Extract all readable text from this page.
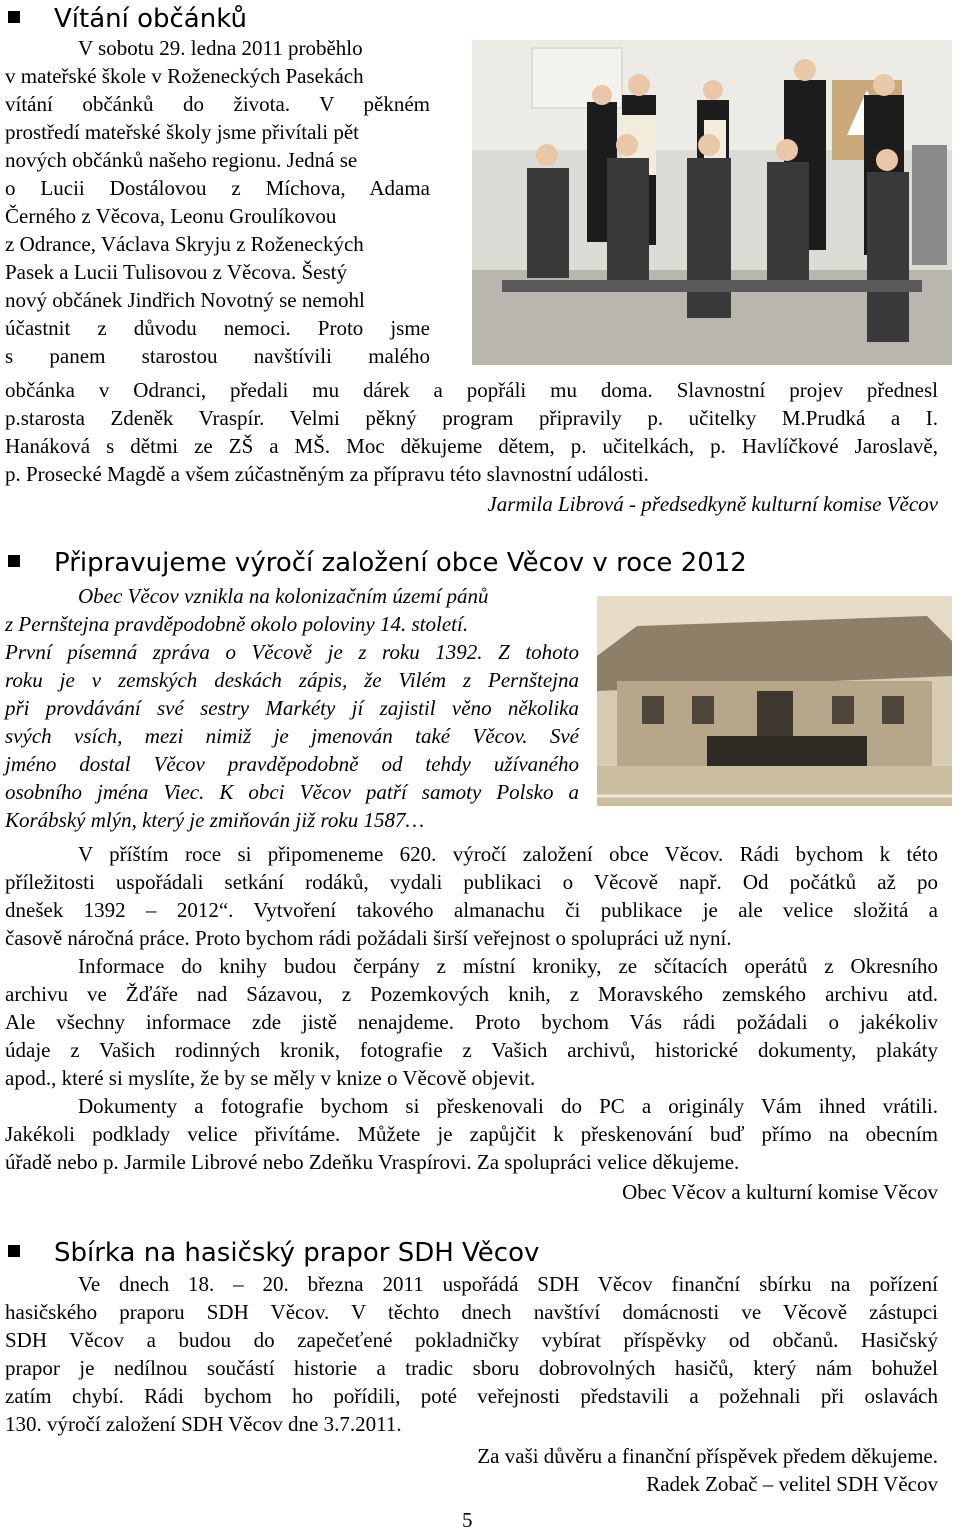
Vítání občánků
V sobotu 29. ledna 2011 proběhlo
v mateřské škole v Roženeckých Pasekách
vítání občánků do života. V pěkném
prostředí mateřské školy jsme přivítali pět
nových občánků našeho regionu. Jedná se
o Lucii Dostálovou z Míchova, Adama
Černého z Věcova, Leonu Groulíkovou
z Odrance, Václava Skryju z Roženeckých
Pasek a Lucii Tulisovou z Věcova. Šestý
nový občánek Jindřich Novotný se nemohl
účastnit z důvodu nemoci. Proto jsme
s panem starostou navštívili malého
občánka v Odranci, předali mu dárek a popřáli mu doma. Slavnostní projev přednesl
p.starosta Zdeněk Vraspír. Velmi pěkný program připravily p. učitelky M.Prudká a I.
Hanáková s dětmi ze ZŠ a MŠ. Moc děkujeme dětem, p. učitelkách, p. Havlíčkové Jaroslavě,
p. Prosecké Magdě a všem zúčastněným za přípravu této slavnostní události.
Jarmila Librová - předsedkyně kulturní komise Věcov
Připravujeme výročí založení obce Věcov v roce 2012
Obec Věcov vznikla na kolonizačním území pánů
z Pernštejna pravděpodobně okolo poloviny 14. století.
První písemná zpráva o Věcově je z roku 1392. Z tohoto
roku je v zemských deskách zápis, že Vilém z Pernštejna
při provdávání své sestry Markéty jí zajistil věno několika
svých vsích, mezi nimiž je jmenován také Věcov. Své
jméno dostal Věcov pravděpodobně od tehdy užívaného
osobního jména Viec. K obci Věcov patří samoty Polsko a
Korábský mlýn, který je zmiňován již roku 1587…
V příštím roce si připomeneme 620. výročí založení obce Věcov. Rádi bychom k této
příležitosti uspořádali setkání rodáků, vydali publikaci o Věcově např. Od počátků až po
dnešek 1392 – 2012“. Vytvoření takového almanachu či publikace je ale velice složitá a
časově náročná práce. Proto bychom rádi požádali širší veřejnost o spolupráci už nyní.
Informace do knihy budou čerpány z místní kroniky, ze sčítacích operátů z Okresního
archivu ve Žďáře nad Sázavou, z Pozemkových knih, z Moravského zemského archivu atd.
Ale všechny informace zde jistě nenajdeme. Proto bychom Vás rádi požádali o jakékoliv
údaje z Vašich rodinných kronik, fotografie z Vašich archivů, historické dokumenty, plakáty
apod., které si myslíte, že by se měly v knize o Věcově objevit.
Dokumenty a fotografie bychom si přeskenovali do PC a originály Vám ihned vrátili.
Jakékoli podklady velice přivítáme. Můžete je zapůjčit k přeskenování buď přímo na obecním
úřadě nebo p. Jarmile Librové nebo Zdeňku Vraspírovi. Za spolupráci velice děkujeme.
Obec Věcov a kulturní komise Věcov
Sbírka na hasičský prapor SDH Věcov
Ve dnech 18. – 20. března 2011 uspořádá SDH Věcov finanční sbírku na pořízení
hasičského praporu SDH Věcov. V těchto dnech navštíví domácnosti ve Věcově zástupci
SDH Věcov a budou do zapečeťené pokladničky vybírat příspěvky od občanů. Hasičský
prapor je nedílnou součástí historie a tradic sboru dobrovolných hasičů, který nám bohužel
zatím chybí. Rádi bychom ho pořídili, poté veřejnosti představili a požehnali při oslavách
130. výročí založení SDH Věcov dne 3.7.2011.
Za vaši důvěru a finanční příspěvek předem děkujeme.
Radek Zobač – velitel SDH Věcov
5
